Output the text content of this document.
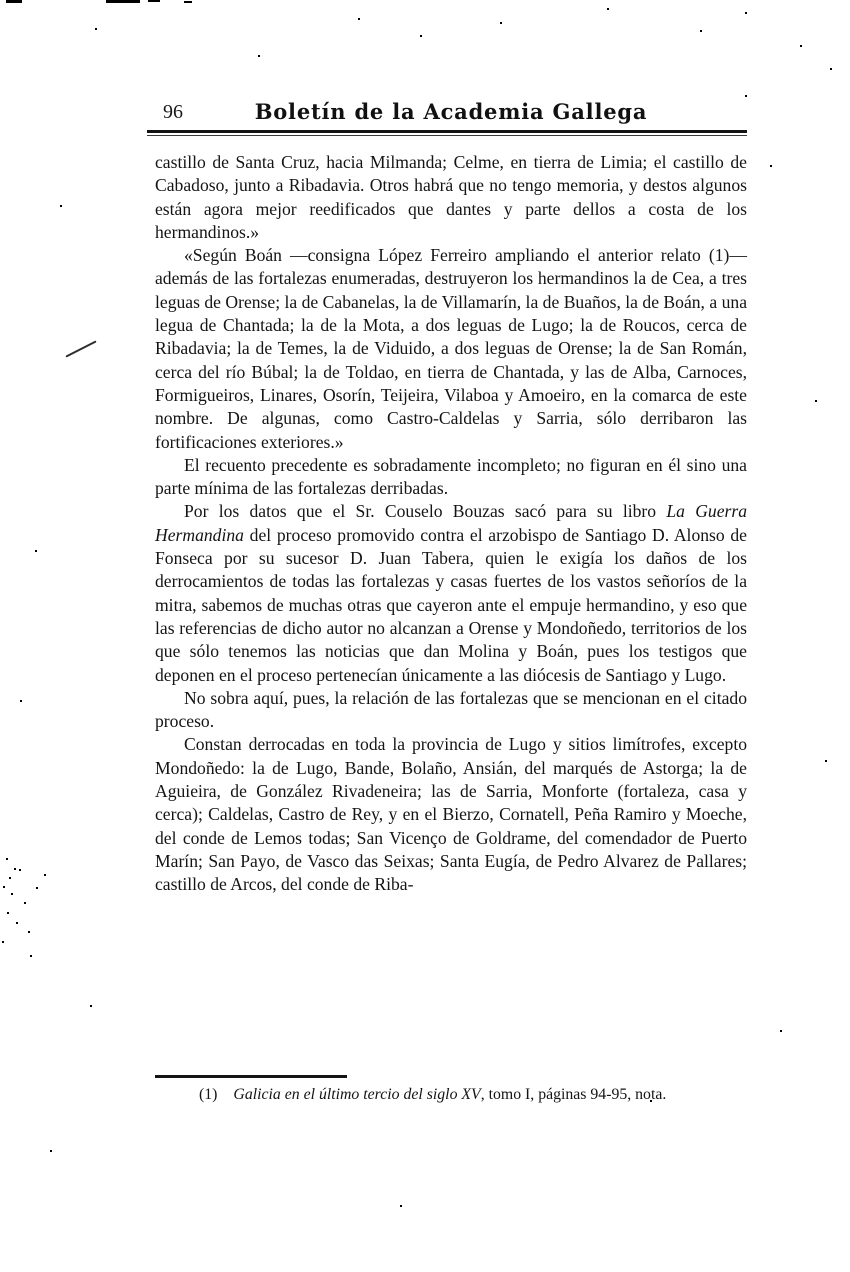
96	Boletín de la Academia Gallega

castillo de Santa Cruz, hacia Milmanda; Celme, en tierra de Limia; el castillo de Cabadoso, junto a Ribadavia. Otros habrá que no tengo memoria, y destos algunos están agora mejor reedificados que dantes y parte dellos a costa de los hermandinos.»

«Según Boán —consigna López Ferreiro ampliando el anterior relato (1)— además de las fortalezas enumeradas, destruyeron los hermandinos la de Cea, a tres leguas de Orense; la de Cabanelas, la de Villamarín, la de Buaños, la de Boán, a una legua de Chantada; la de la Mota, a dos leguas de Lugo; la de Roucos, cerca de Ribadavia; la de Temes, la de Viduido, a dos leguas de Orense; la de San Román, cerca del río Búbal; la de Toldao, en tierra de Chantada, y las de Alba, Carnoces, Formigueiros, Linares, Osorín, Teijeira, Vilaboa y Amoeiro, en la comarca de este nombre. De algunas, como Castro-Caldelas y Sarria, sólo derribaron las fortificaciones exteriores.»

El recuento precedente es sobradamente incompleto; no figuran en él sino una parte mínima de las fortalezas derribadas.

Por los datos que el Sr. Couselo Bouzas sacó para su libro La Guerra Hermandina del proceso promovido contra el arzobispo de Santiago D. Alonso de Fonseca por su sucesor D. Juan Tabera, quien le exigía los daños de los derrocamientos de todas las fortalezas y casas fuertes de los vastos señoríos de la mitra, sabemos de muchas otras que cayeron ante el empuje hermandino, y eso que las referencias de dicho autor no alcanzan a Orense y Mondoñedo, territorios de los que sólo tenemos las noticias que dan Molina y Boán, pues los testigos que deponen en el proceso pertenecían únicamente a las diócesis de Santiago y Lugo.

No sobra aquí, pues, la relación de las fortalezas que se mencionan en el citado proceso.

Constan derrocadas en toda la provincia de Lugo y sitios limítrofes, excepto Mondoñedo: la de Lugo, Bande, Bolaño, Ansián, del marqués de Astorga; la de Aguieira, de González Rivadeneira; las de Sarria, Monforte (fortaleza, casa y cerca); Caldelas, Castro de Rey, y en el Bierzo, Cornatell, Peña Ramiro y Moeche, del conde de Lemos todas; San Vicenço de Goldrame, del comendador de Puerto Marín; San Payo, de Vasco das Seixas; Santa Eugía, de Pedro Alvarez de Pallares; castillo de Arcos, del conde de Riba-

(1) Galicia en el último tercio del siglo XV, tomo I, páginas 94-95, nota.
